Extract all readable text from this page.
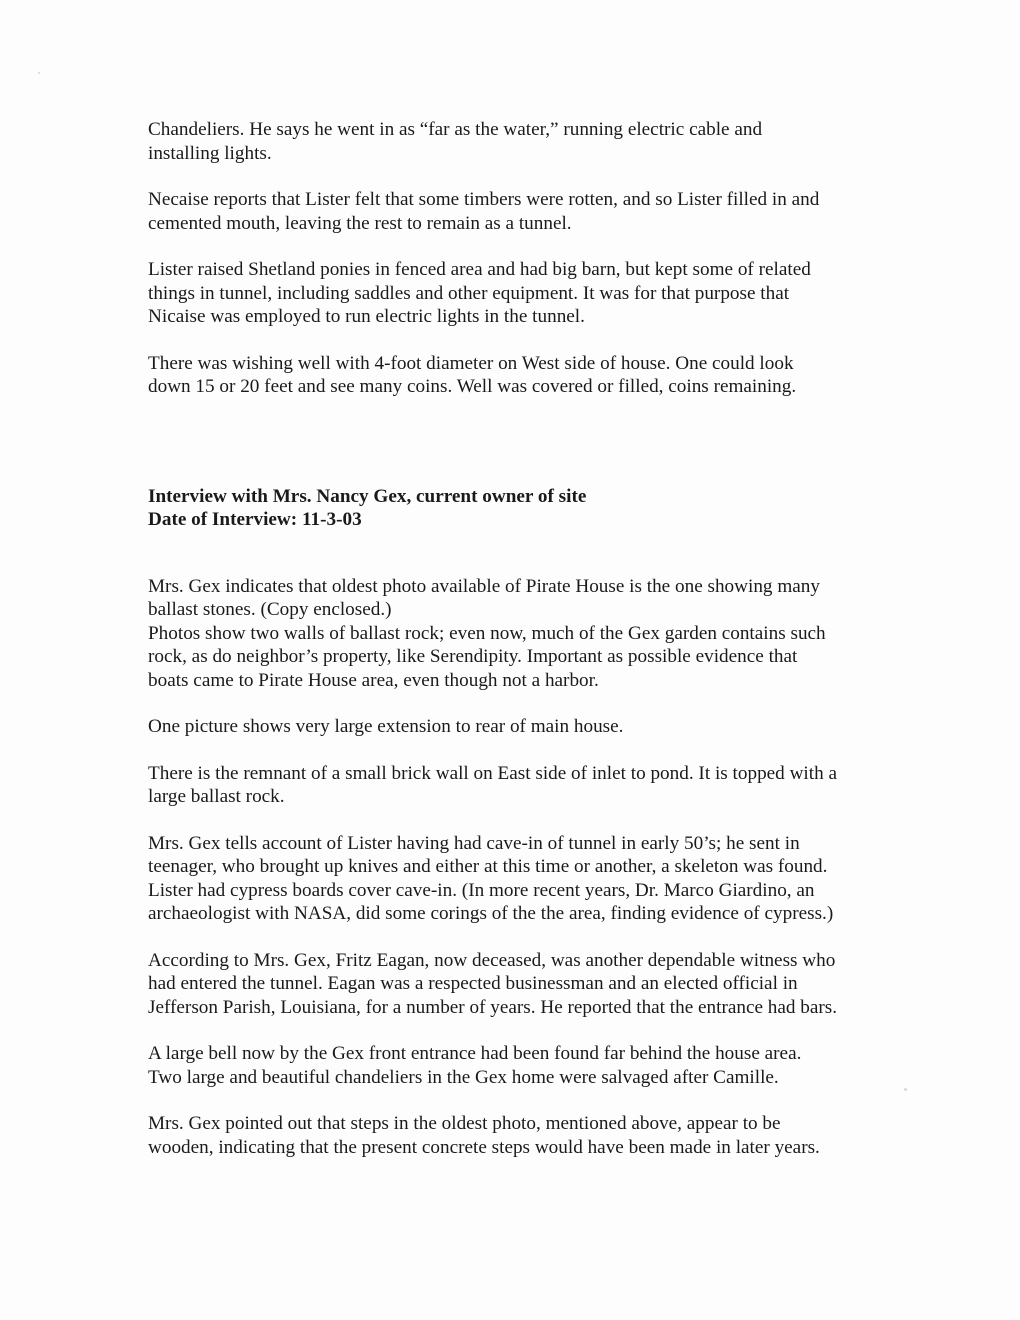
Chandeliers. He says he went in as “far as the water,” running electric cable and
installing lights.

Necaise reports that Lister felt that some timbers were rotten, and so Lister filled in and
cemented mouth, leaving the rest to remain as a tunnel.

Lister raised Shetland ponies in fenced area and had big barn, but kept some of related
things in tunnel, including saddles and other equipment. It was for that purpose that
Nicaise was employed to run electric lights in the tunnel.

There was wishing well with 4-foot diameter on West side of house. One could look
down 15 or 20 feet and see many coins. Well was covered or filled, coins remaining.

Interview with Mrs. Nancy Gex, current owner of site
Date of Interview: 11-3-03

Mrs. Gex indicates that oldest photo available of Pirate House is the one showing many
ballast stones. (Copy enclosed.)

Photos show two walls of ballast rock; even now, much of the Gex garden contains such
rock, as do neighbor’s property, like Serendipity. Important as possible evidence that
boats came to Pirate House area, even though not a harbor.

One picture shows very large extension to rear of main house.

There is the remnant of a small brick wall on East side of inlet to pond. It is topped with a
large ballast rock.

Mrs. Gex tells account of Lister having had cave-in of tunnel in early 50’s; he sent in
teenager, who brought up knives and either at this time or another, a skeleton was found.
Lister had cypress boards cover cave-in. (In more recent years, Dr. Marco Giardino, an
archaeologist with NASA, did some corings of the the area, finding evidence of cypress.)

According to Mrs. Gex, Fritz Eagan, now deceased, was another dependable witness who
had entered the tunnel. Eagan was a respected businessman and an elected official in
Jefferson Parish, Louisiana, for a number of years. He reported that the entrance had bars.

A large bell now by the Gex front entrance had been found far behind the house area.
Two large and beautiful chandeliers in the Gex home were salvaged after Camille.

Mrs. Gex pointed out that steps in the oldest photo, mentioned above, appear to be
wooden, indicating that the present concrete steps would have been made in later years.
